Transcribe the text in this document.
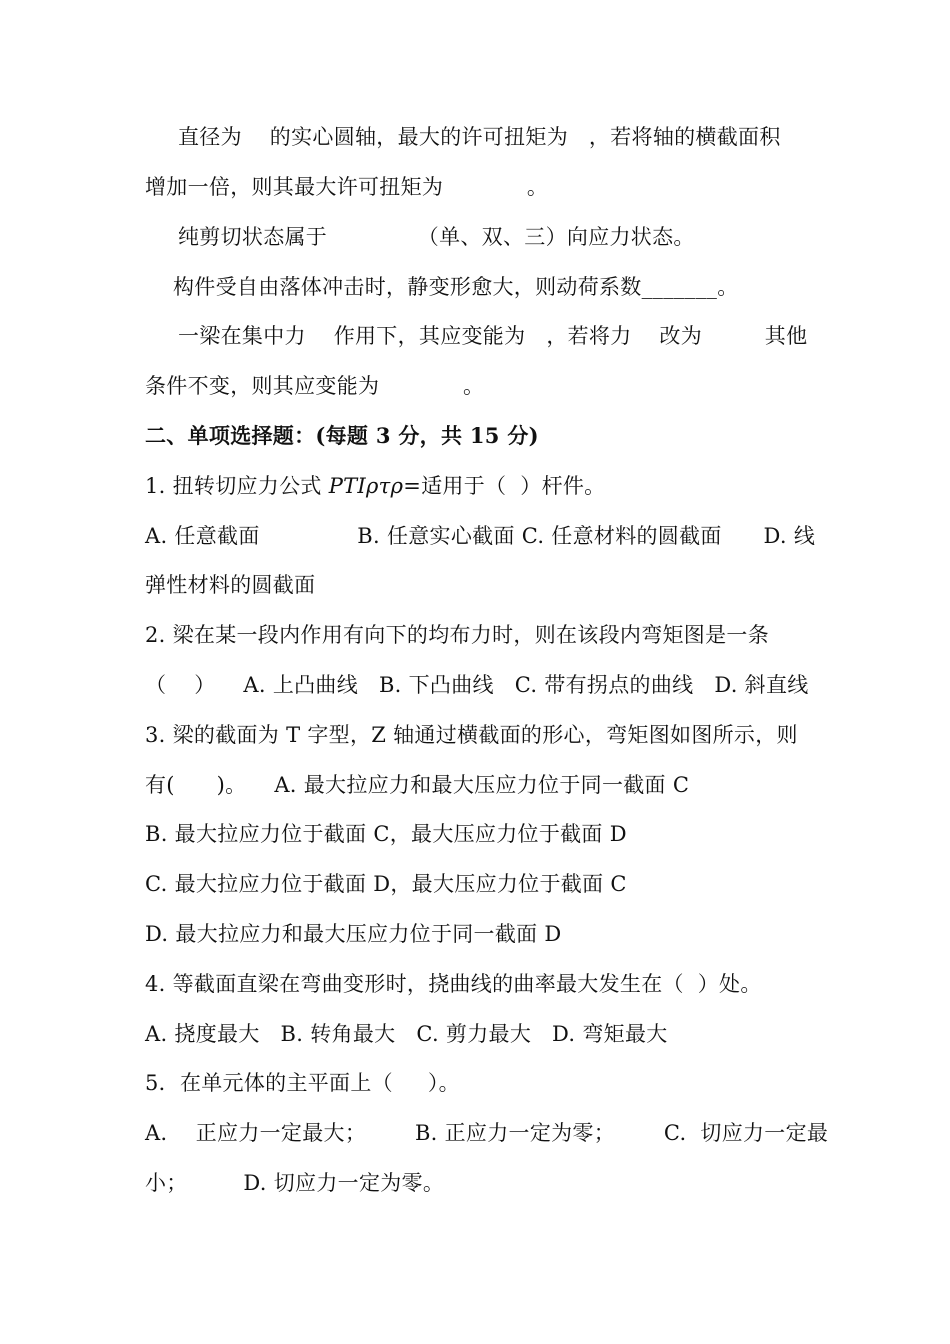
直径为    的实心圆轴，最大的许可扭矩为   ，若将轴的横截面积
增加一倍，则其最大许可扭矩为            。
纯剪切状态属于             （单、双、三）向应力状态。
构件受自由落体冲击时，静变形愈大，则动荷系数_______。
一梁在集中力    作用下，其应变能为   ，若将力    改为         其他
条件不变，则其应变能为            。
二、单项选择题：(每题 3 分，共 15 分)
1. 扭转切应力公式 PTIρτρ=适用于（  ）杆件。
A. 任意截面              B. 任意实心截面 C. 任意材料的圆截面      D. 线
弹性材料的圆截面
2. 梁在某一段内作用有向下的均布力时，则在该段内弯矩图是一条
（    ）    A. 上凸曲线   B. 下凸曲线   C. 带有拐点的曲线   D. 斜直线
3. 梁的截面为 T 字型，Z 轴通过横截面的形心，弯矩图如图所示，则
有(      )。    A. 最大拉应力和最大压应力位于同一截面 C
B. 最大拉应力位于截面 C，最大压应力位于截面 D
C. 最大拉应力位于截面 D，最大压应力位于截面 C
D. 最大拉应力和最大压应力位于同一截面 D
4. 等截面直梁在弯曲变形时，挠曲线的曲率最大发生在（  ）处。
A. 挠度最大   B. 转角最大   C. 剪力最大   D. 弯矩最大
5．在单元体的主平面上（     ）。
A．  正应力一定最大；       B. 正应力一定为零；       C.  切应力一定最
小；        D. 切应力一定为零。
